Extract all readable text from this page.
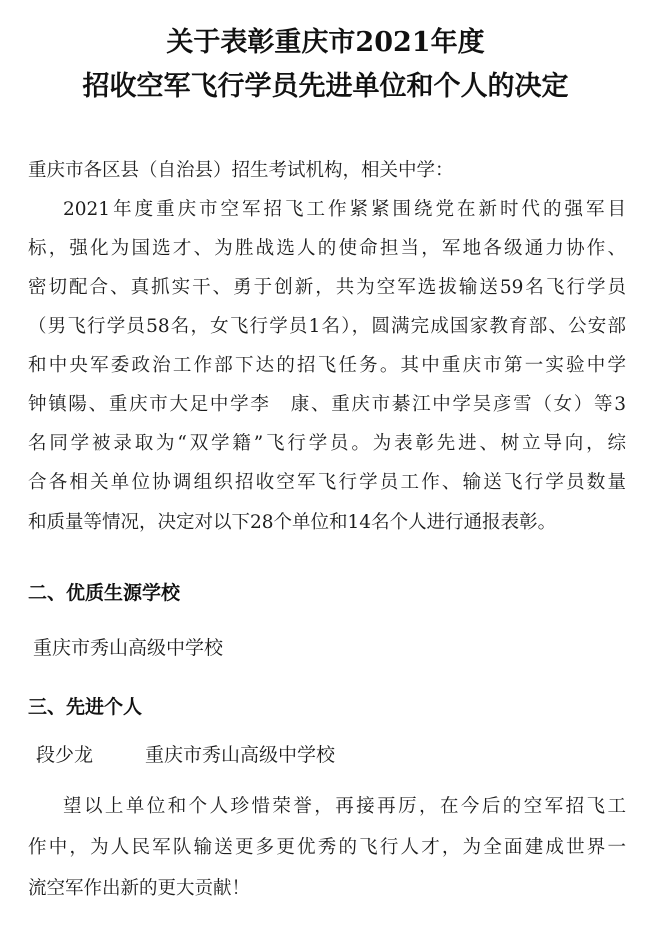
关于表彰重庆市2021年度
招收空军飞行学员先进单位和个人的决定
重庆市各区县（自治县）招生考试机构，相关中学：
2021年度重庆市空军招飞工作紧紧围绕党在新时代的强军目
标，强化为国选才、为胜战选人的使命担当，军地各级通力协作、
密切配合、真抓实干、勇于创新，共为空军选拔输送59名飞行学员
（男飞行学员58名，女飞行学员1名），圆满完成国家教育部、公安部
和中央军委政治工作部下达的招飞任务。其中重庆市第一实验中学
钟镇陽、重庆市大足中学李　康、重庆市綦江中学吴彦雪（女）等3
名同学被录取为“双学籍”飞行学员。为表彰先进、树立导向，综
合各相关单位协调组织招收空军飞行学员工作、输送飞行学员数量
和质量等情况，决定对以下28个单位和14名个人进行通报表彰。
二、优质生源学校
重庆市秀山高级中学校
三、先进个人
段少龙	重庆市秀山高级中学校
望以上单位和个人珍惜荣誉，再接再厉，在今后的空军招飞工
作中，为人民军队输送更多更优秀的飞行人才，为全面建成世界一
流空军作出新的更大贡献！
